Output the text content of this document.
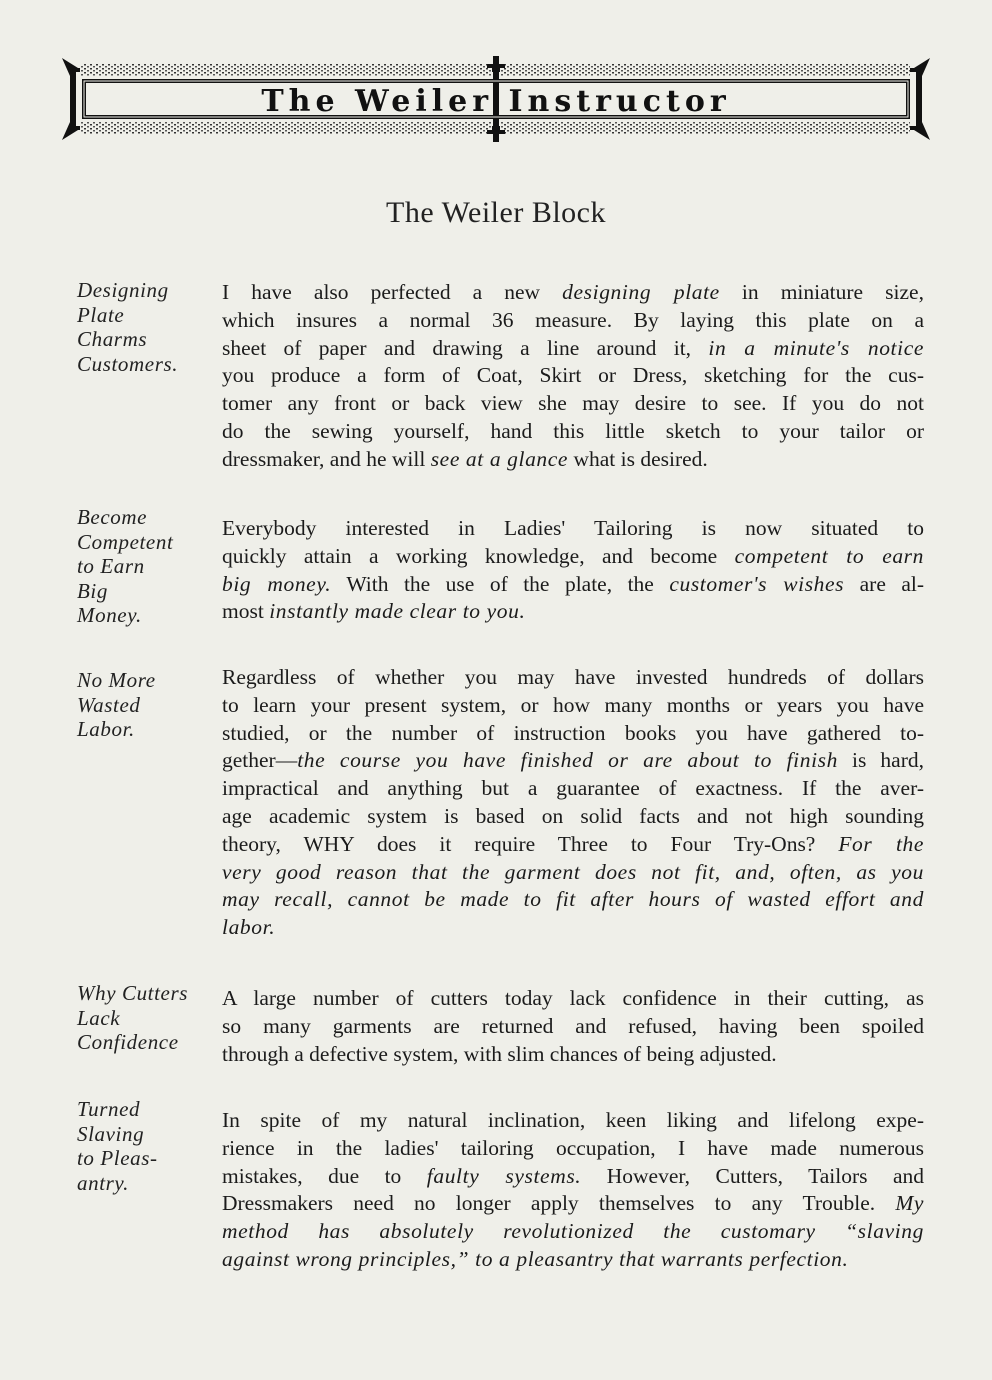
The Weiler Instructor
The Weiler Block
Designing
Plate
Charms
Customers.
I have also perfected a new designing plate in miniature size,
which insures a normal 36 measure. By laying this plate on a
sheet of paper and drawing a line around it, in a minute's notice
you produce a form of Coat, Skirt or Dress, sketching for the cus-
tomer any front or back view she may desire to see. If you do not
do the sewing yourself, hand this little sketch to your tailor or
dressmaker, and he will see at a glance what is desired.
Become
Competent
to Earn
Big
Money.
Everybody interested in Ladies' Tailoring is now situated to
quickly attain a working knowledge, and become competent to earn
big money. With the use of the plate, the customer's wishes are al-
most instantly made clear to you.
No More
Wasted
Labor.
Regardless of whether you may have invested hundreds of dollars
to learn your present system, or how many months or years you have
studied, or the number of instruction books you have gathered to-
gether—the course you have finished or are about to finish is hard,
impractical and anything but a guarantee of exactness. If the aver-
age academic system is based on solid facts and not high sounding
theory, WHY does it require Three to Four Try-Ons? For the
very good reason that the garment does not fit, and, often, as you
may recall, cannot be made to fit after hours of wasted effort and
labor.
Why Cutters
Lack
Confidence
A large number of cutters today lack confidence in their cutting, as
so many garments are returned and refused, having been spoiled
through a defective system, with slim chances of being adjusted.
Turned
Slaving
to Pleas-
antry.
In spite of my natural inclination, keen liking and lifelong expe-
rience in the ladies' tailoring occupation, I have made numerous
mistakes, due to faulty systems. However, Cutters, Tailors and
Dressmakers need no longer apply themselves to any Trouble. My
method has absolutely revolutionized the customary “slaving
against wrong principles,” to a pleasantry that warrants perfection.
